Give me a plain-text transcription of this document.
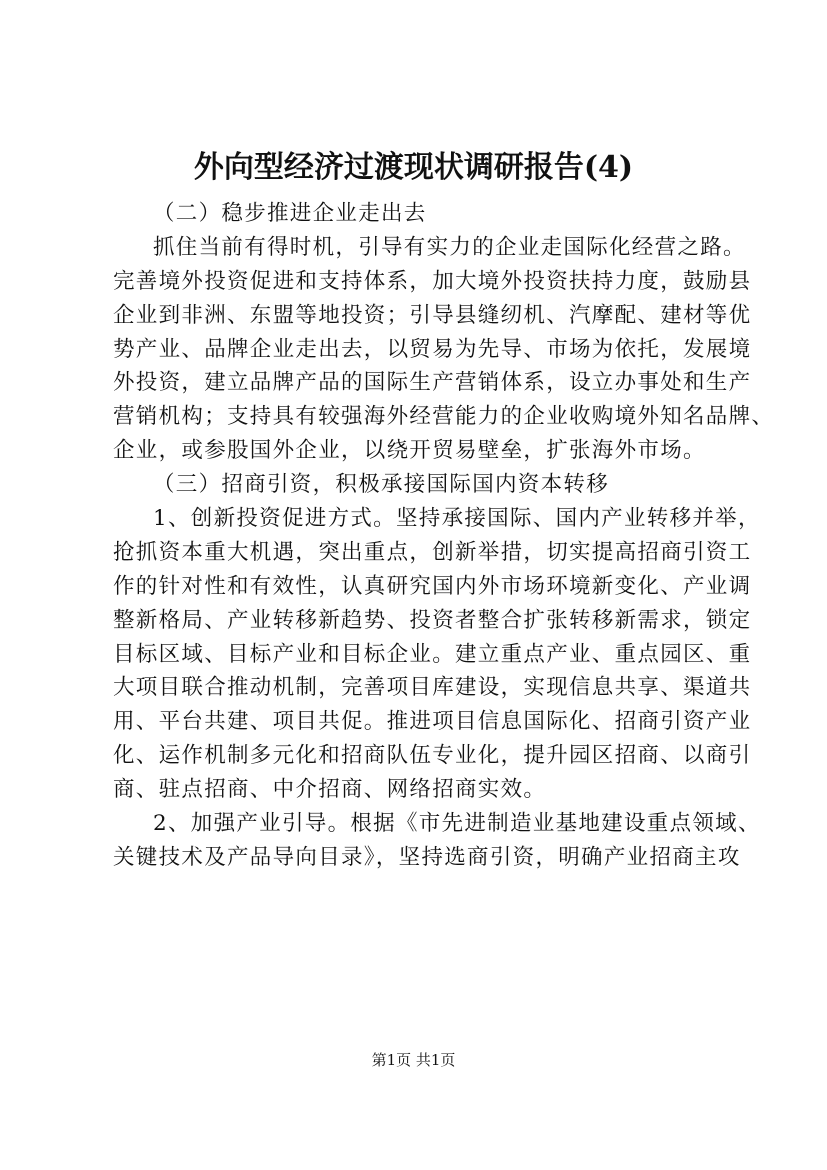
外向型经济过渡现状调研报告(4)
（二）稳步推进企业走出去
抓住当前有得时机，引导有实力的企业走国际化经营之路。
完善境外投资促进和支持体系，加大境外投资扶持力度，鼓励县
企业到非洲、东盟等地投资；引导县缝纫机、汽摩配、建材等优
势产业、品牌企业走出去，以贸易为先导、市场为依托，发展境
外投资，建立品牌产品的国际生产营销体系，设立办事处和生产
营销机构；支持具有较强海外经营能力的企业收购境外知名品牌、
企业，或参股国外企业，以绕开贸易壁垒，扩张海外市场。
（三）招商引资，积极承接国际国内资本转移
1、创新投资促进方式。坚持承接国际、国内产业转移并举，
抢抓资本重大机遇，突出重点，创新举措，切实提高招商引资工
作的针对性和有效性，认真研究国内外市场环境新变化、产业调
整新格局、产业转移新趋势、投资者整合扩张转移新需求，锁定
目标区域、目标产业和目标企业。建立重点产业、重点园区、重
大项目联合推动机制，完善项目库建设，实现信息共享、渠道共
用、平台共建、项目共促。推进项目信息国际化、招商引资产业
化、运作机制多元化和招商队伍专业化，提升园区招商、以商引
商、驻点招商、中介招商、网络招商实效。
2、加强产业引导。根据《市先进制造业基地建设重点领域、
关键技术及产品导向目录》，坚持选商引资，明确产业招商主攻
第1页 共1页
